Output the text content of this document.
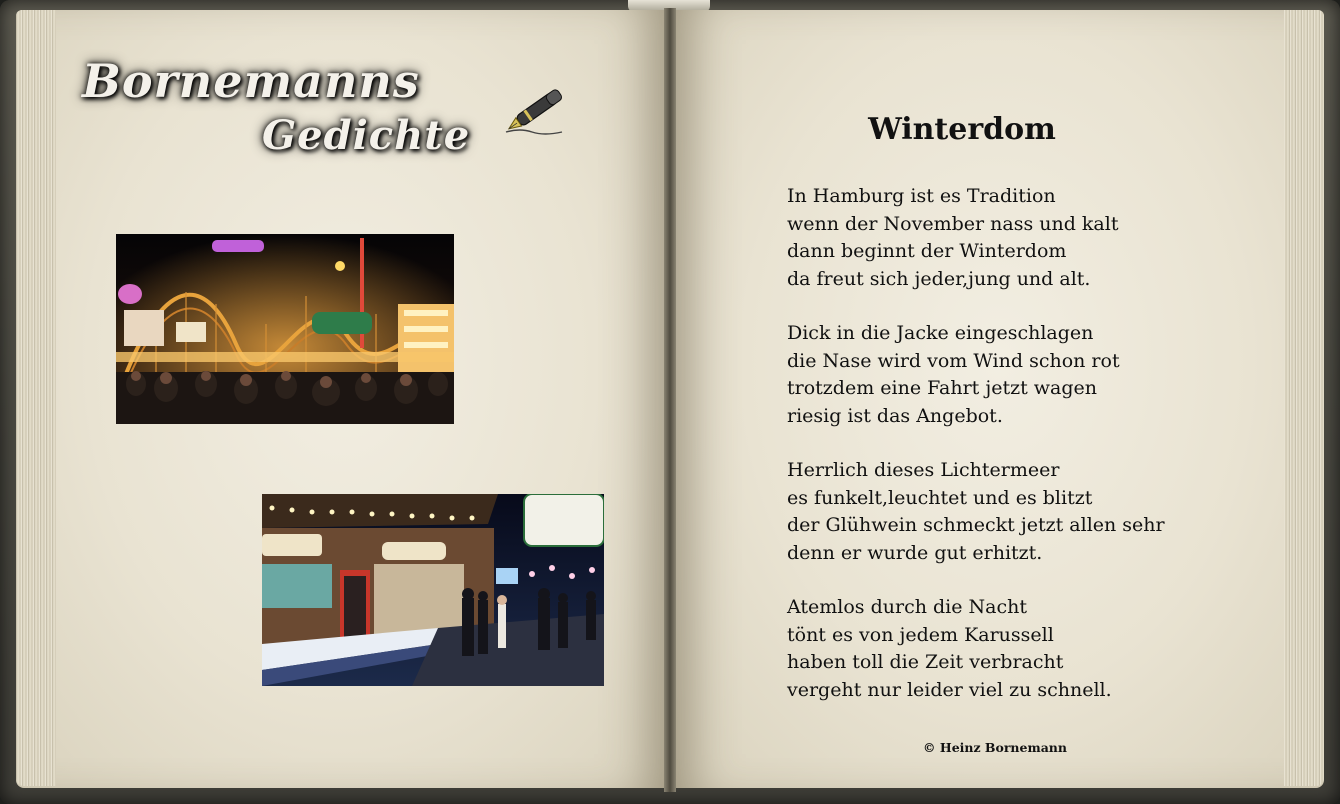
Bornemanns
Gedichte	Winterdom
In Hamburg ist es Tradition
wenn der November nass und kalt
dann beginnt der Winterdom
da freut sich jeder,jung und alt.
Dick in die Jacke eingeschlagen
die Nase wird vom Wind schon rot
trotzdem eine Fahrt jetzt wagen
riesig ist das Angebot.
Herrlich dieses Lichtermeer
es funkelt,leuchtet und es blitzt
der Glühwein schmeckt jetzt allen sehr
denn er wurde gut erhitzt.
Atemlos durch die Nacht
tönt es von jedem Karussell
haben toll die Zeit verbracht
vergeht nur leider viel zu schnell.
© Heinz Bornemann
